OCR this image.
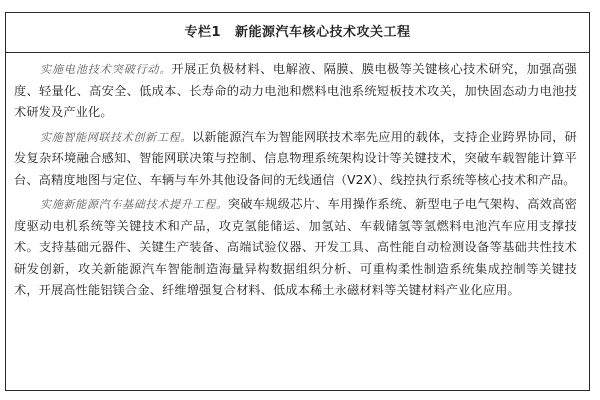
专栏1 新能源汽车核心技术攻关工程

实施电池技术突破行动。开展正负极材料、电解液、隔膜、膜电极等关键核心技术研究，加强高强度、轻量化、高安全、低成本、长寿命的动力电池和燃料电池系统短板技术攻关，加快固态动力电池技术研发及产业化。

实施智能网联技术创新工程。以新能源汽车为智能网联技术率先应用的载体，支持企业跨界协同，研发复杂环境融合感知、智能网联决策与控制、信息物理系统架构设计等关键技术，突破车载智能计算平台、高精度地图与定位、车辆与车外其他设备间的无线通信（V2X）、线控执行系统等核心技术和产品。

实施新能源汽车基础技术提升工程。突破车规级芯片、车用操作系统、新型电子电气架构、高效高密度驱动电机系统等关键技术和产品，攻克氢能储运、加氢站、车载储氢等氢燃料电池汽车应用支撑技术。支持基础元器件、关键生产装备、高端试验仪器、开发工具、高性能自动检测设备等基础共性技术研发创新，攻关新能源汽车智能制造海量异构数据组织分析、可重构柔性制造系统集成控制等关键技术，开展高性能铝镁合金、纤维增强复合材料、低成本稀土永磁材料等关键材料产业化应用。
